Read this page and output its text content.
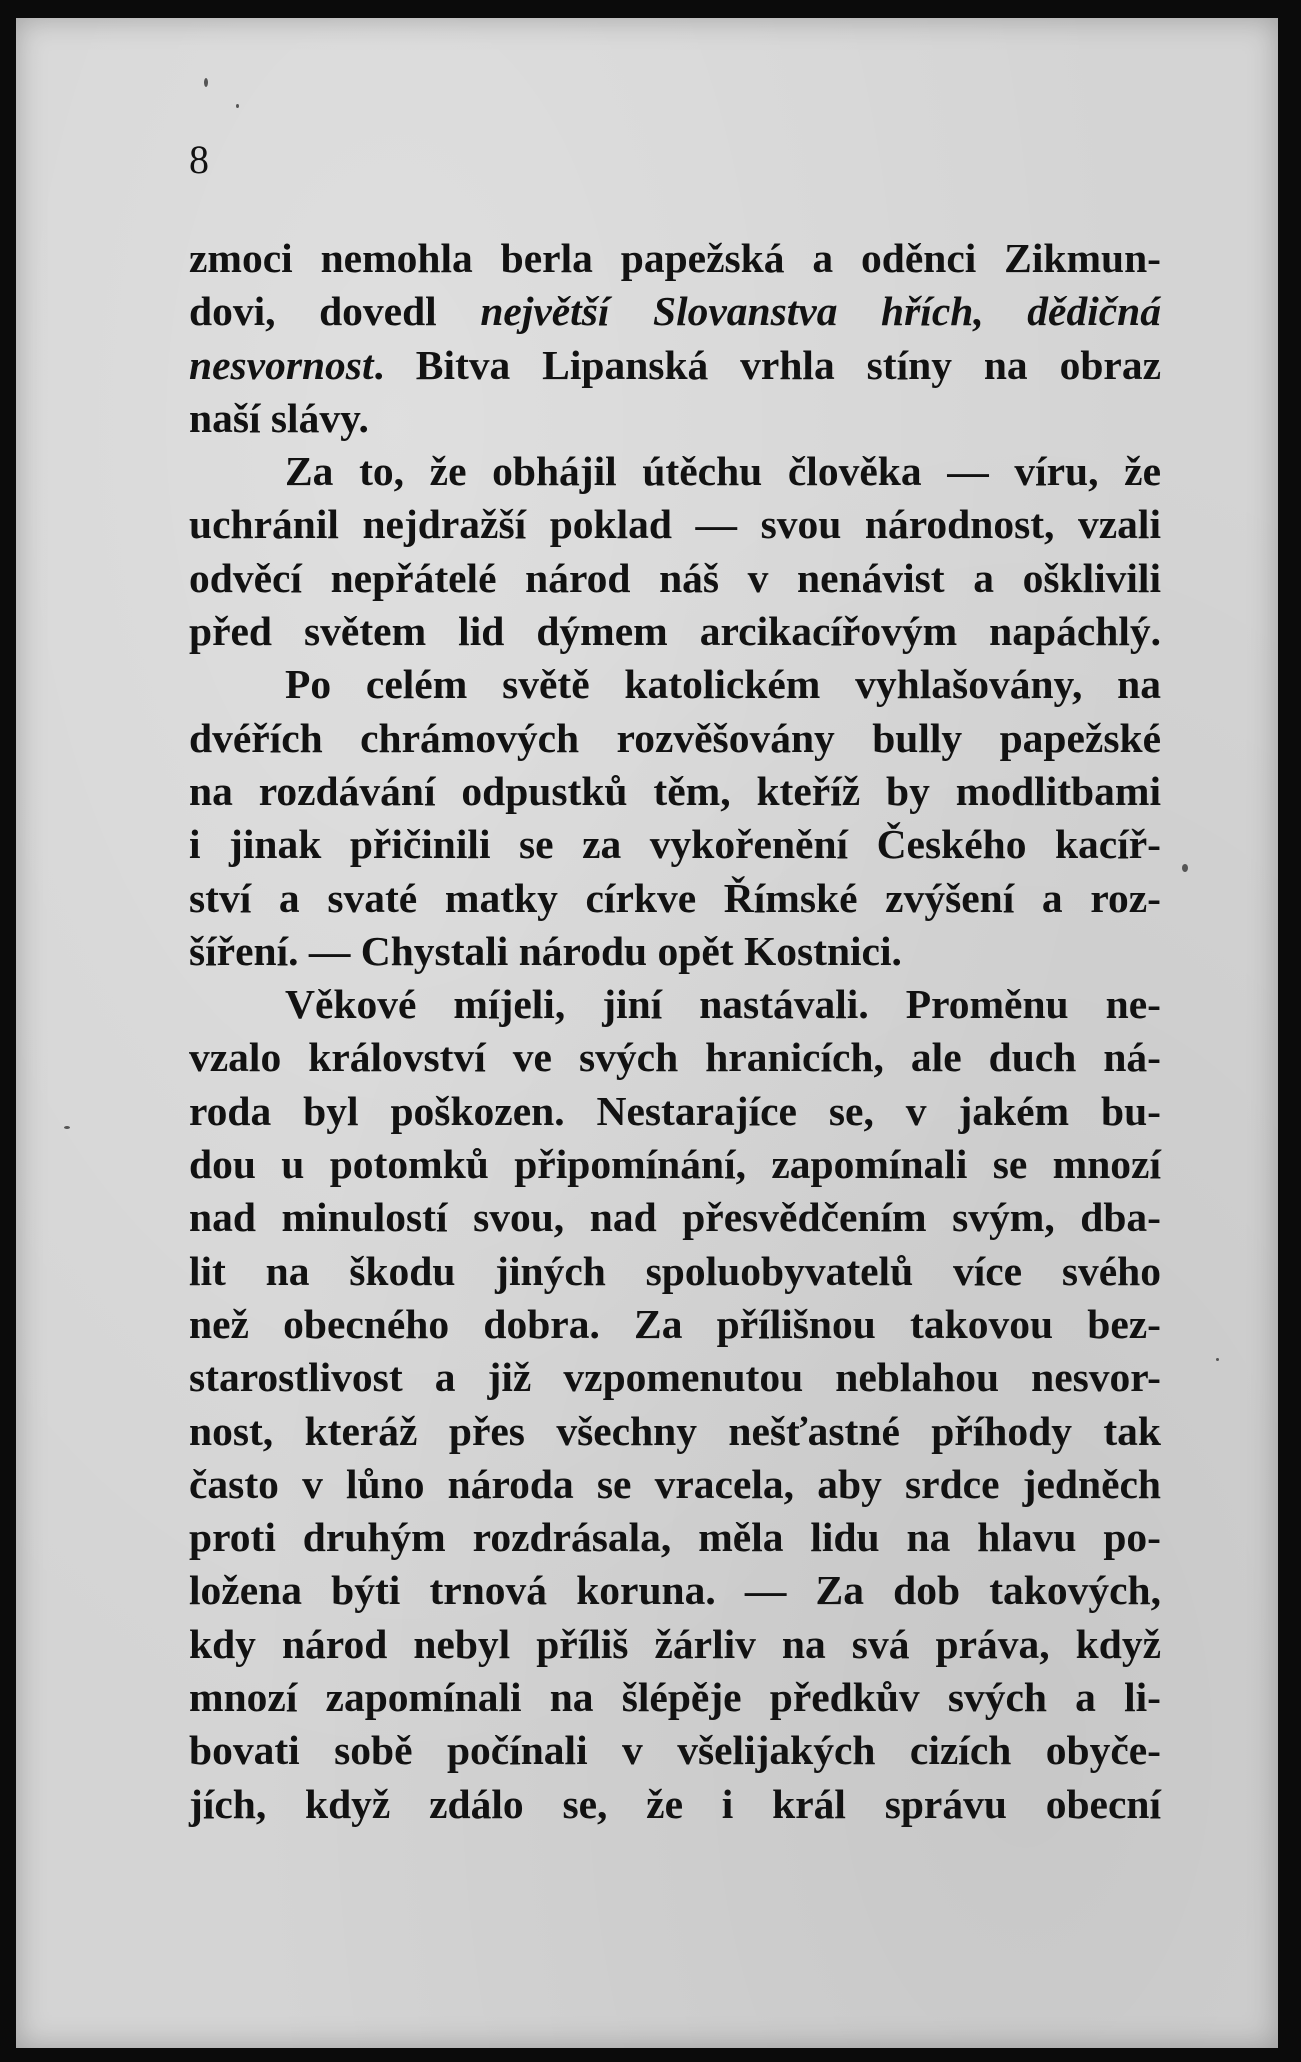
8

zmoci nemohla berla papežská a oděnci Zikmun-
dovi, dovedl největší Slovanstva hřích, dědičná
nesvornost. Bitva Lipanská vrhla stíny na obraz
naší slávy.
Za to, že obhájil útěchu člověka — víru, že
uchránil nejdražší poklad — svou národnost, vzali
odvěcí nepřátelé národ náš v nenávist a ošklivili
před světem lid dýmem arcikacířovým napáchlý.
Po celém světě katolickém vyhlašovány, na
dvéřích chrámových rozvěšovány bully papežské
na rozdávání odpustků těm, kteříž by modlitbami
i jinak přičinili se za vykořenění Českého kacíř-
ství a svaté matky církve Římské zvýšení a roz-
šíření. — Chystali národu opět Kostnici.
Věkové míjeli, jiní nastávali. Proměnu ne-
vzalo království ve svých hranicích, ale duch ná-
roda byl poškozen. Nestarajíce se, v jakém bu-
dou u potomků připomínání, zapomínali se mnozí
nad minulostí svou, nad přesvědčením svým, dba-
lit na škodu jiných spoluobyvatelů více svého
než obecného dobra. Za přílišnou takovou bez-
starostlivost a již vzpomenutou neblahou nesvor-
nost, kteráž přes všechny nešťastné příhody tak
často v lůno národa se vracela, aby srdce jedněch
proti druhým rozdrásala, měla lidu na hlavu po-
ložena býti trnová koruna. — Za dob takových,
kdy národ nebyl příliš žárliv na svá práva, když
mnozí zapomínali na šlépěje předkův svých a li-
bovati sobě počínali v všelijakých cizích obyče-
jích, když zdálo se, že i král správu obecní
